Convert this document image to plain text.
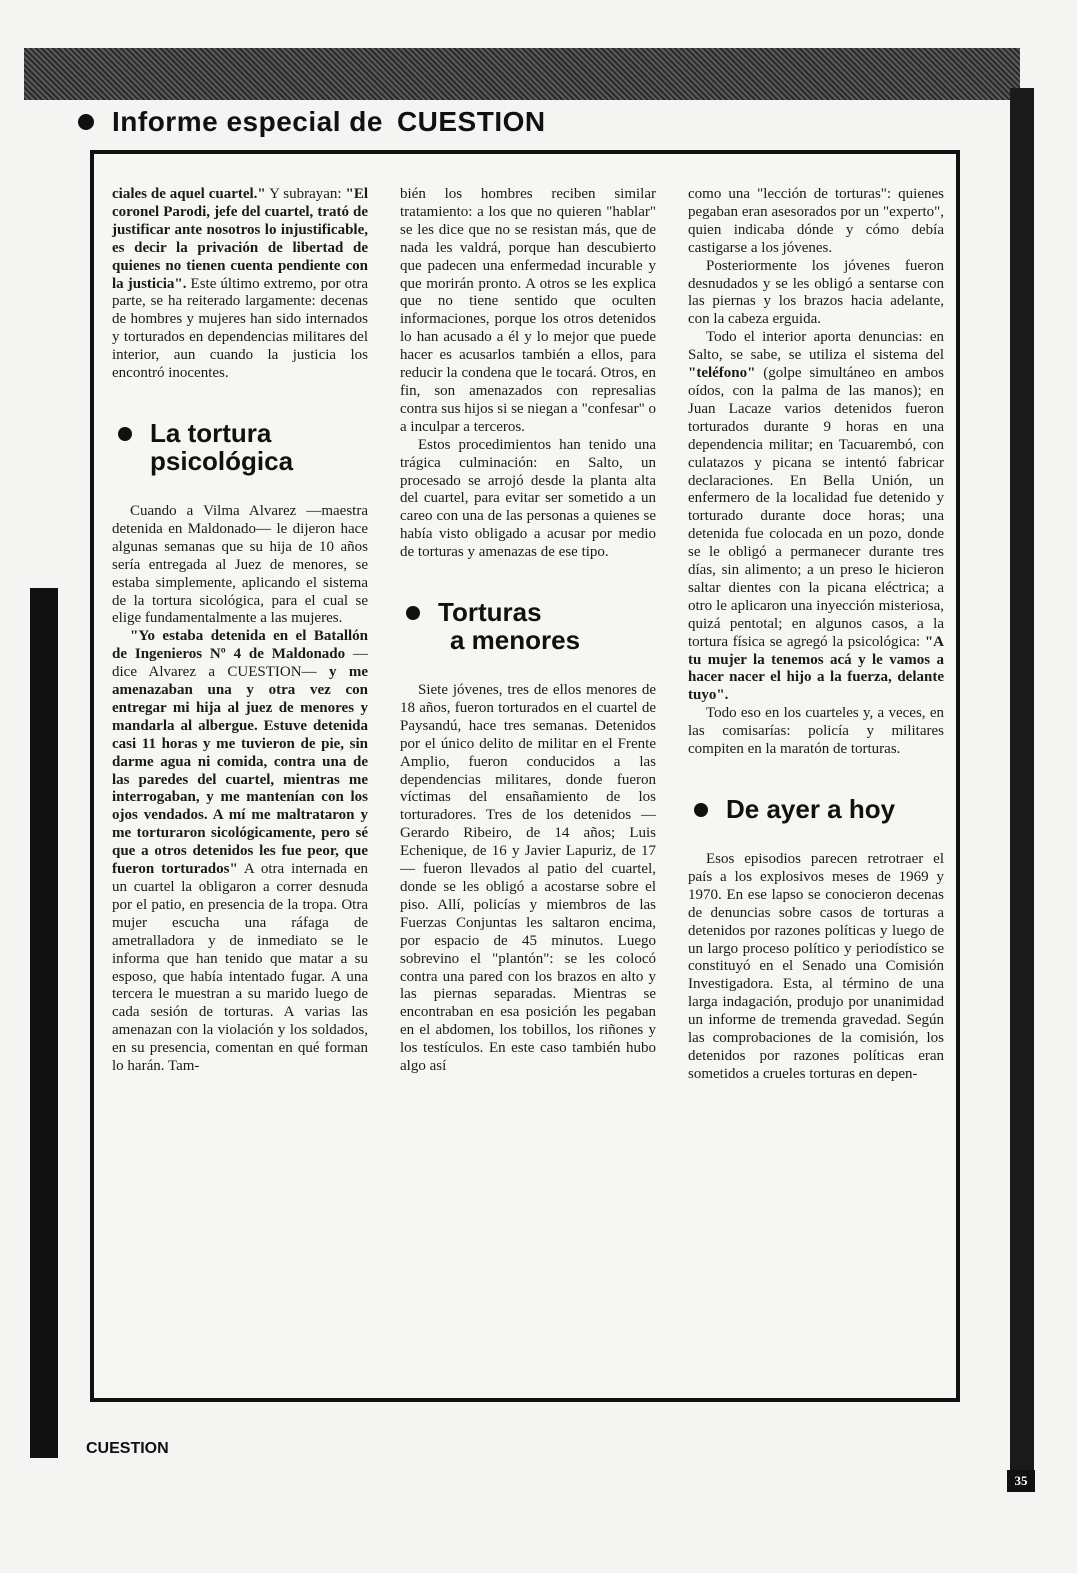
Informe especial de CUESTION

ciales de aquel cuartel." Y subrayan: "El coronel Parodi, jefe del cuartel, trató de justificar ante nosotros lo injustificable, es decir la privación de libertad de quienes no tienen cuenta pendiente con la justicia". Este último extremo, por otra parte, se ha reiterado largamente: decenas de hombres y mujeres han sido internados y torturados en dependencias militares del interior, aun cuando la justicia los encontró inocentes.

La tortura
psicológica

Cuando a Vilma Alvarez —maestra detenida en Maldonado— le dijeron hace algunas semanas que su hija de 10 años sería entregada al Juez de menores, se estaba simplemente, aplicando el sistema de la tortura sicológica, para el cual se elige fundamentalmente a las mujeres.

"Yo estaba detenida en el Batallón de Ingenieros Nº 4 de Maldonado —dice Alvarez a CUESTION— y me amenazaban una y otra vez con entregar mi hija al juez de menores y mandarla al albergue. Estuve detenida casi 11 horas y me tuvieron de pie, sin darme agua ni comida, contra una de las paredes del cuartel, mientras me interrogaban, y me mantenían con los ojos vendados. A mí me maltrataron y me torturaron sicológicamente, pero sé que a otros detenidos les fue peor, que fueron torturados" A otra internada en un cuartel la obligaron a correr desnuda por el patio, en presencia de la tropa. Otra mujer escucha una ráfaga de ametralladora y de inmediato se le informa que han tenido que matar a su esposo, que había intentado fugar. A una tercera le muestran a su marido luego de cada sesión de torturas. A varias las amenazan con la violación y los soldados, en su presencia, comentan en qué forman lo harán. Tam-

bién los hombres reciben similar tratamiento: a los que no quieren "hablar" se les dice que no se resistan más, que de nada les valdrá, porque han descubierto que padecen una enfermedad incurable y que morirán pronto. A otros se les explica que no tiene sentido que oculten informaciones, porque los otros detenidos lo han acusado a él y lo mejor que puede hacer es acusarlos también a ellos, para reducir la condena que le tocará. Otros, en fin, son amenazados con represalias contra sus hijos si se niegan a "confesar" o a inculpar a terceros.

Estos procedimientos han tenido una trágica culminación: en Salto, un procesado se arrojó desde la planta alta del cuartel, para evitar ser sometido a un careo con una de las personas a quienes se había visto obligado a acusar por medio de torturas y amenazas de ese tipo.

Torturas
a menores

Siete jóvenes, tres de ellos menores de 18 años, fueron torturados en el cuartel de Paysandú, hace tres semanas. Detenidos por el único delito de militar en el Frente Amplio, fueron conducidos a las dependencias militares, donde fueron víctimas del ensañamiento de los torturadores. Tres de los detenidos —Gerardo Ribeiro, de 14 años; Luis Echenique, de 16 y Javier Lapuriz, de 17— fueron llevados al patio del cuartel, donde se les obligó a acostarse sobre el piso. Allí, policías y miembros de las Fuerzas Conjuntas les saltaron encima, por espacio de 45 minutos. Luego sobrevino el "plantón": se les colocó contra una pared con los brazos en alto y las piernas separadas. Mientras se encontraban en esa posición les pegaban en el abdomen, los tobillos, los riñones y los testículos. En este caso también hubo algo así

como una "lección de torturas": quienes pegaban eran asesorados por un "experto", quien indicaba dónde y cómo debía castigarse a los jóvenes.

Posteriormente los jóvenes fueron desnudados y se les obligó a sentarse con las piernas y los brazos hacia adelante, con la cabeza erguida.

Todo el interior aporta denuncias: en Salto, se sabe, se utiliza el sistema del "teléfono" (golpe simultáneo en ambos oídos, con la palma de las manos); en Juan Lacaze varios detenidos fueron torturados durante 9 horas en una dependencia militar; en Tacuarembó, con culatazos y picana se intentó fabricar declaraciones. En Bella Unión, un enfermero de la localidad fue detenido y torturado durante doce horas; una detenida fue colocada en un pozo, donde se le obligó a permanecer durante tres días, sin alimento; a un preso le hicieron saltar dientes con la picana eléctrica; a otro le aplicaron una inyección misteriosa, quizá pentotal; en algunos casos, a la tortura física se agregó la psicológica: "A tu mujer la tenemos acá y le vamos a hacer nacer el hijo a la fuerza, delante tuyo".

Todo eso en los cuarteles y, a veces, en las comisarías: policía y militares compiten en la maratón de torturas.

De ayer a hoy

Esos episodios parecen retrotraer el país a los explosivos meses de 1969 y 1970. En ese lapso se conocieron decenas de denuncias sobre casos de torturas a detenidos por razones políticas y luego de un largo proceso político y periodístico se constituyó en el Senado una Comisión Investigadora. Esta, al término de una larga indagación, produjo por unanimidad un informe de tremenda gravedad. Según las comprobaciones de la comisión, los detenidos por razones políticas eran sometidos a crueles torturas en depen-

CUESTION
35
